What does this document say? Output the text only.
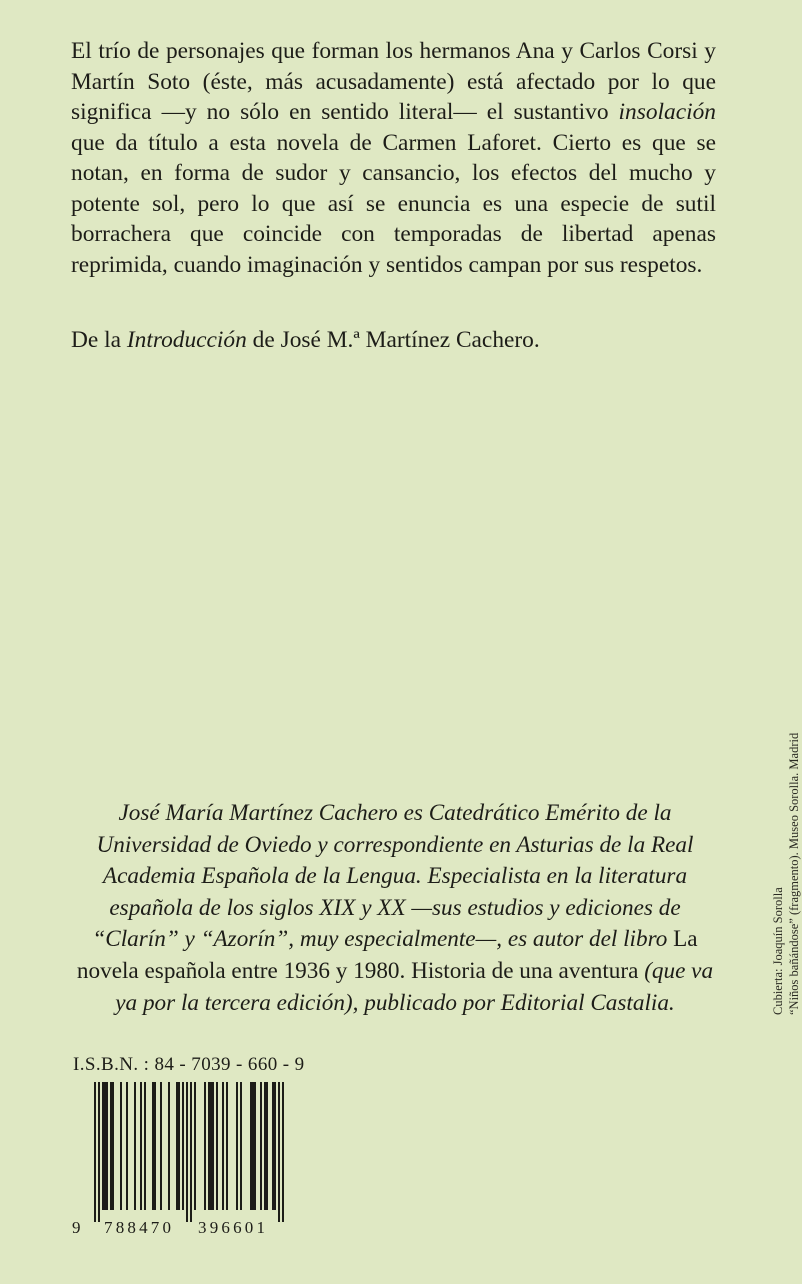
El trío de personajes que forman los hermanos Ana y Carlos Corsi y Martín Soto (éste, más acusadamente) está afectado por lo que significa —y no sólo en sentido literal— el sustantivo insolación que da título a esta novela de Carmen Laforet. Cierto es que se notan, en forma de sudor y cansancio, los efectos del mucho y potente sol, pero lo que así se enuncia es una especie de sutil borrachera que coincide con temporadas de libertad apenas reprimida, cuando imaginación y sentidos campan por sus respetos.

De la Introducción de José M.ª Martínez Cachero.

José María Martínez Cachero es Catedrático Emérito de la Universidad de Oviedo y correspondiente en Asturias de la Real Academia Española de la Lengua. Especialista en la literatura española de los siglos XIX y XX —sus estudios y ediciones de “Clarín” y “Azorín”, muy especialmente—, es autor del libro La novela española entre 1936 y 1980. Historia de una aventura (que va ya por la tercera edición), publicado por Editorial Castalia.

I.S.B.N. : 84 - 7039 - 660 - 9

9 788470 396601
Cubierta: Joaquín Sorolla “Niños bañándose” (fragmento). Museo Sorolla. Madrid
